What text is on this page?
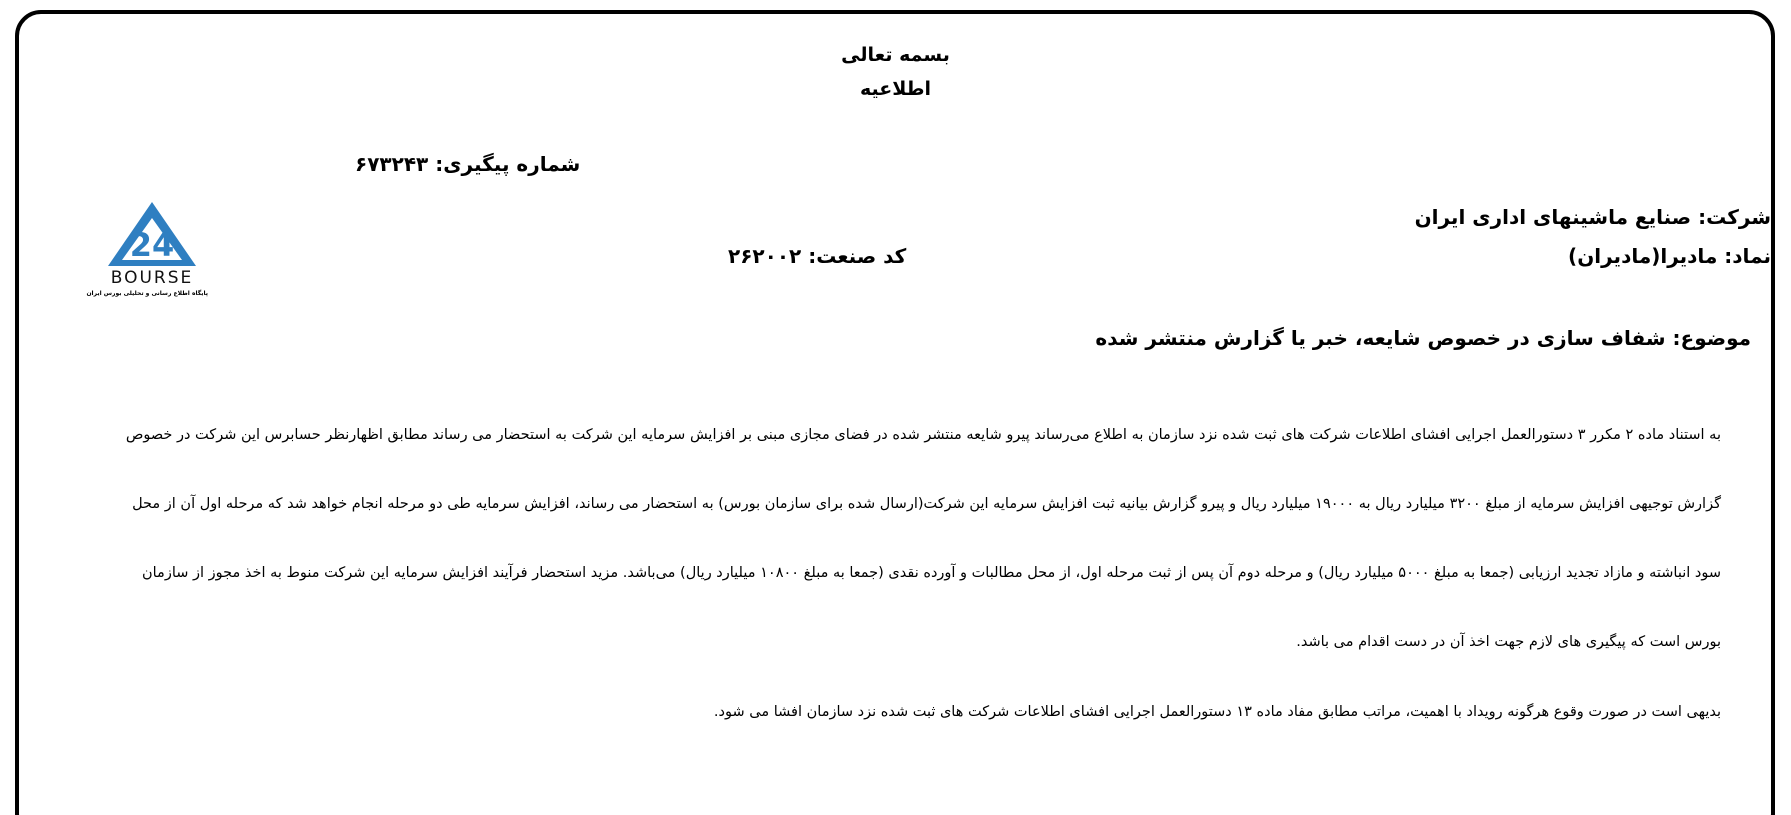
بسمه تعالی
اطلاعیه
شماره پیگیری: ۶۷۳۲۴۳
شرکت: صنایع ماشینهای اداری ایران
نماد: مادیرا(مادیران)
کد صنعت: ۲۶۲۰۰۲
موضوع: شفاف سازی در خصوص شایعه، خبر یا گزارش منتشر شده
24
BOURSE
پایگاه اطلاع رسانی و تحلیلی بورس ایران
به استناد ماده ۲ مکرر ۳ دستورالعمل اجرایی افشای اطلاعات شرکت های ثبت شده نزد سازمان به اطلاع می‌رساند پیرو شایعه منتشر شده در فضای مجازی مبنی بر افزایش سرمایه این شرکت به استحضار می رساند مطابق اظهارنظر حسابرس این شرکت در خصوص
گزارش توجیهی افزایش سرمایه از مبلغ ۳۲۰۰ میلیارد ریال به ۱۹۰۰۰ میلیارد ریال و پیرو گزارش بیانیه ثبت افزایش سرمایه این شرکت(ارسال شده برای سازمان بورس) به استحضار می رساند، افزایش سرمایه طی دو مرحله انجام خواهد شد که مرحله اول آن از محل
سود انباشته و مازاد تجدید ارزیابی (جمعا به مبلغ ۵۰۰۰ میلیارد ریال) و مرحله دوم آن پس از ثبت مرحله اول، از محل مطالبات و آورده نقدی (جمعا به مبلغ ۱۰۸۰۰ میلیارد ریال) می‌باشد. مزید استحضار فرآیند افزایش سرمایه این شرکت منوط به اخذ مجوز از سازمان
بورس است که پیگیری های لازم جهت اخذ آن در دست اقدام می باشد.
بدیهی است در صورت وقوع هرگونه رویداد با اهمیت، مراتب مطابق مفاد ماده ۱۳ دستورالعمل اجرایی افشای اطلاعات شرکت های ثبت شده نزد سازمان افشا می شود.
